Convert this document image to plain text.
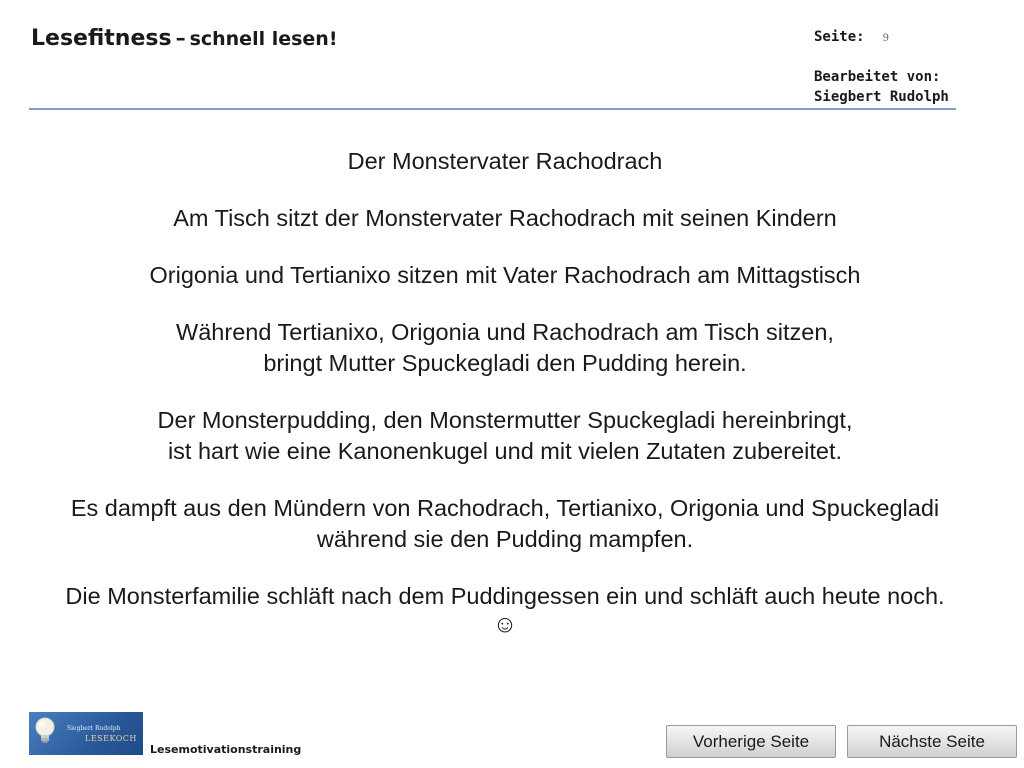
Lesefitness – schnell lesen!	Seite: 9
Bearbeitet von:
Siegbert Rudolph

Der Monstervater Rachodrach

Am Tisch sitzt der Monstervater Rachodrach mit seinen Kindern

Origonia und Tertianixo sitzen mit Vater Rachodrach am Mittagstisch

Während Tertianixo, Origonia und Rachodrach am Tisch sitzen,
bringt Mutter Spuckegladi den Pudding herein.

Der Monsterpudding, den Monstermutter Spuckegladi hereinbringt,
ist hart wie eine Kanonenkugel und mit vielen Zutaten zubereitet.

Es dampft aus den Mündern von Rachodrach, Tertianixo, Origonia und Spuckegladi
während sie den Pudding mampfen.

Die Monsterfamilie schläft nach dem Puddingessen ein und schläft auch heute noch.
☺

Siegbert Rudolph
LESEKOCH
Lesemotivationstraining	Vorherige Seite	Nächste Seite
